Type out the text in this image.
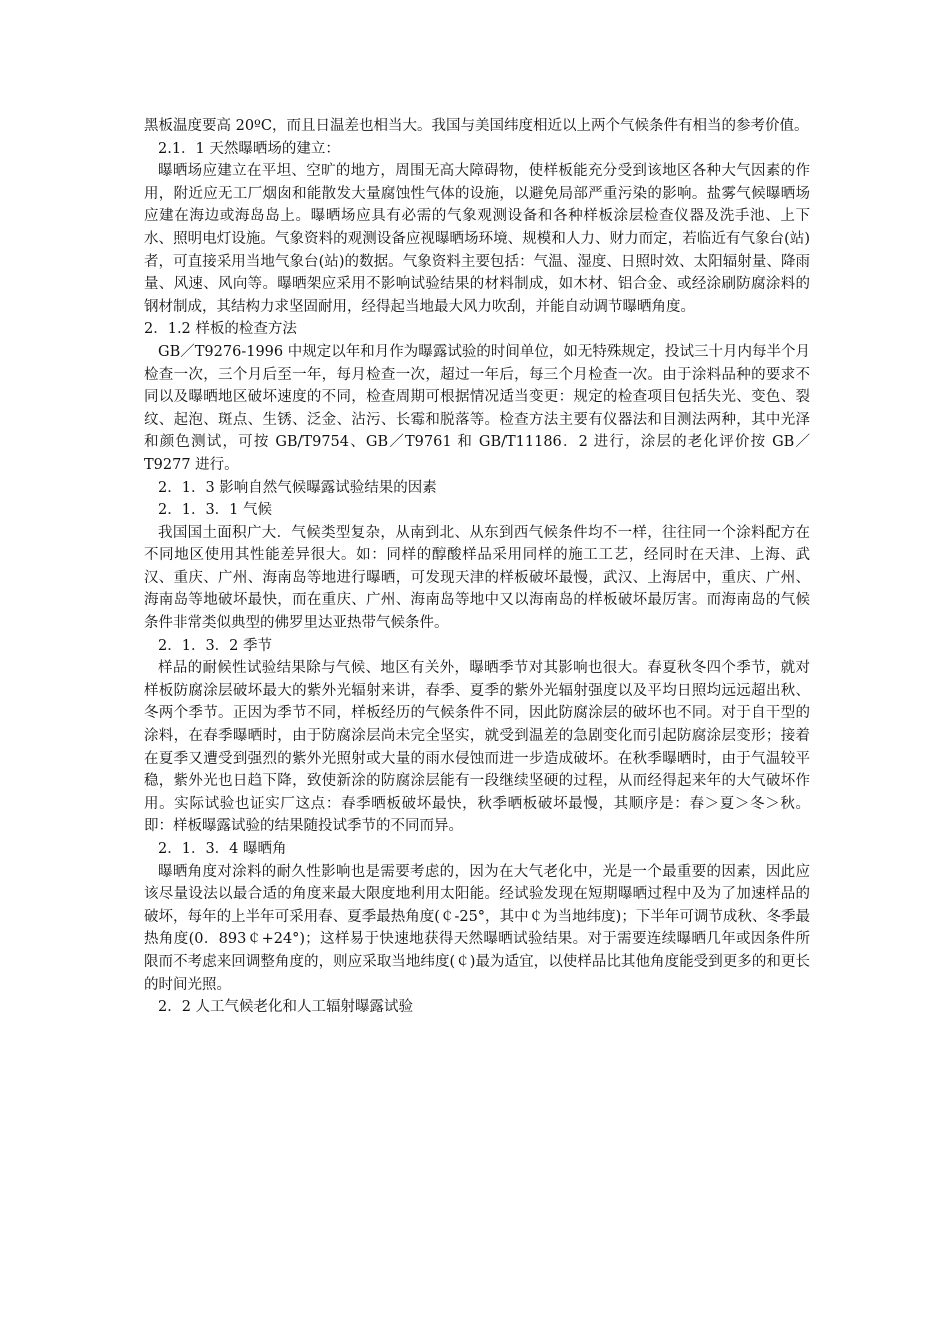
黑板温度要高 20ºC，而且日温差也相当大。我国与美国纬度相近以上两个气候条件有相当的参考价值。

2.1．1 天然曝晒场的建立：

曝晒场应建立在平坦、空旷的地方，周围无高大障碍物，使样板能充分受到该地区各种大气因素的作用，附近应无工厂烟囱和能散发大量腐蚀性气体的设施，以避免局部严重污染的影响。盐雾气候曝晒场应建在海边或海岛岛上。曝晒场应具有必需的气象观测设备和各种样板涂层检查仪器及洗手池、上下水、照明电灯设施。气象资料的观测设备应视曝晒场环境、规模和人力、财力而定，若临近有气象台(站)者，可直接采用当地气象台(站)的数据。气象资料主要包括：气温、湿度、日照时效、太阳辐射量、降雨量、风速、风向等。曝晒架应采用不影响试验结果的材料制成，如木材、铝合金、或经涂刷防腐涂料的钢材制成，其结构力求坚固耐用，经得起当地最大风力吹刮，并能自动调节曝晒角度。

2．1.2 样板的检查方法

GB／T9276-1996 中规定以年和月作为曝露试验的时间单位，如无特殊规定，投试三十月内每半个月检查一次，三个月后至一年，每月检查一次，超过一年后，每三个月检查一次。由于涂料品种的要求不同以及曝晒地区破坏速度的不同，检查周期可根据情况适当变更：规定的检查项目包括失光、变色、裂纹、起泡、斑点、生锈、泛金、沾污、长霉和脱落等。检查方法主要有仪器法和目测法两种，其中光泽和颜色测试，可按 GB/T9754、GB／T9761 和 GB/T11186．2 进行，涂层的老化评价按 GB／T9277 进行。

2．1．3 影响自然气候曝露试验结果的因素

2．1．3．1 气候

我国国土面积广大．气候类型复杂，从南到北、从东到西气候条件均不一样，往往同一个涂料配方在不同地区使用其性能差异很大。如：同样的醇酸样品采用同样的施工工艺，经同时在天津、上海、武汉、重庆、广州、海南岛等地进行曝晒，可发现天津的样板破坏最慢，武汉、上海居中，重庆、广州、海南岛等地破坏最快，而在重庆、广州、海南岛等地中又以海南岛的样板破坏最厉害。而海南岛的气候条件非常类似典型的佛罗里达亚热带气候条件。

2．1．3．2 季节

样品的耐候性试验结果除与气候、地区有关外，曝晒季节对其影响也很大。春夏秋冬四个季节，就对样板防腐涂层破坏最大的紫外光辐射来讲，春季、夏季的紫外光辐射强度以及平均日照均远远超出秋、冬两个季节。正因为季节不同，样板经历的气候条件不同，因此防腐涂层的破坏也不同。对于自干型的涂料，在春季曝晒时，由于防腐涂层尚未完全坚实，就受到温差的急剧变化而引起防腐涂层变形；接着在夏季又遭受到强烈的紫外光照射或大量的雨水侵蚀而进一步造成破坏。在秋季曝晒时，由于气温较平稳，紫外光也日趋下降，致使新涂的防腐涂层能有一段继续坚硬的过程，从而经得起来年的大气破坏作用。实际试验也证实厂这点：春季晒板破坏最快，秋季晒板破坏最慢，其顺序是：春＞夏＞冬＞秋。即：样板曝露试验的结果随投试季节的不同而异。

2．1．3．4 曝晒角

曝晒角度对涂料的耐久性影响也是需要考虑的，因为在大气老化中，光是一个最重要的因素，因此应该尽量设法以最合适的角度来最大限度地利用太阳能。经试验发现在短期曝晒过程中及为了加速样品的破坏，每年的上半年可采用春、夏季最热角度(￠-25°，其中￠为当地纬度)；下半年可调节成秋、冬季最热角度(0．893￠+24°)；这样易于快速地获得天然曝晒试验结果。对于需要连续曝晒几年或因条件所限而不考虑来回调整角度的，则应采取当地纬度(￠)最为适宜，以使样品比其他角度能受到更多的和更长的时间光照。

2．2 人工气候老化和人工辐射曝露试验
